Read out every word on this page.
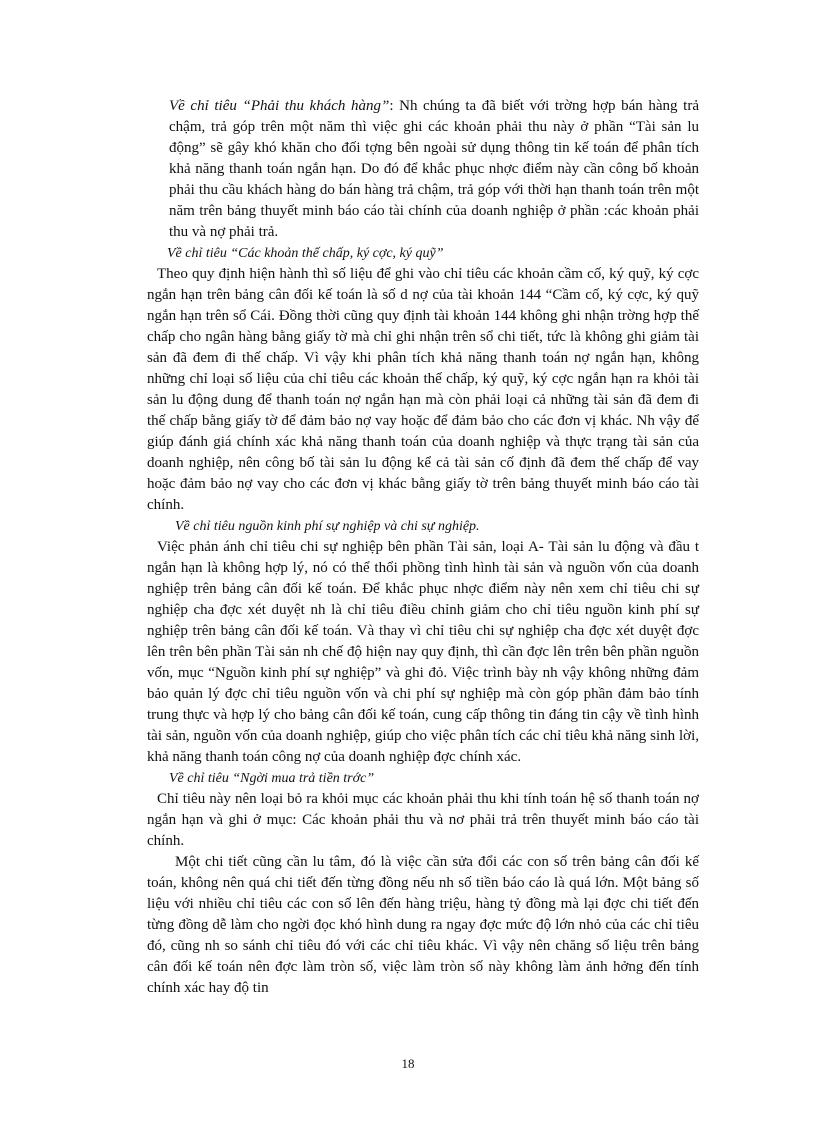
Về chỉ tiêu “Phải thu khách hàng”: Nh chúng ta đã biết với trờng hợp bán hàng trả chậm, trả góp trên một năm thì việc ghi các khoản phải thu này ở phần “Tài sản lu động” sẽ gây khó khăn cho đối tợng bên ngoài sử dụng thông tin kế toán để phân tích khả năng thanh toán ngắn hạn. Do đó để khắc phục nhợc điểm này cần công bố khoản phải thu cầu khách hàng do bán hàng trả chậm, trả góp với thời hạn thanh toán trên một năm trên bảng thuyết minh báo cáo tài chính của doanh nghiệp ở phần :các khoản phải thu và nợ phải trả.

Về chỉ tiêu “Các khoản thế chấp, ký cợc, ký quỹ”

Theo quy định hiện hành thì số liệu để ghi vào chỉ tiêu các khoản cầm cố, ký quỹ, ký cợc ngắn hạn trên bảng cân đối kế toán là số d nợ của tài khoản 144 “Cầm cố, ký cợc, ký quỹ ngắn hạn trên sổ Cái. Đồng thời cũng quy định tài khoản 144 không ghi nhận trờng hợp thế chấp cho ngân hàng bằng giấy tờ mà chỉ ghi nhận trên sổ chi tiết, tức là không ghi giảm tài sản đã đem đi thế chấp. Vì vậy khi phân tích khả năng thanh toán nợ ngắn hạn, không những chỉ loại số liệu của chỉ tiêu các khoản thế chấp, ký quỹ, ký cợc ngắn hạn ra khỏi tài sản lu động dung để thanh toán nợ ngắn hạn mà còn phải loại cả những tài sản đã đem đi thế chấp bằng giấy tờ để đảm bảo nợ vay hoặc để đảm bảo cho các đơn vị khác. Nh vậy để giúp đánh giá chính xác khả năng thanh toán của doanh nghiệp và thực trạng tài sản của doanh nghiệp, nên công bố tài sản lu động kể cả tài sản cố định đã đem thế chấp để vay hoặc đảm bảo nợ vay cho các đơn vị khác bằng giấy tờ trên bảng thuyết minh báo cáo tài chính.

Về chỉ tiêu nguồn kinh phí sự nghiệp và chi sự nghiệp.

Việc phản ánh chỉ tiêu chi sự nghiệp bên phần Tài sản, loại A- Tài sản lu động và đầu t ngắn hạn là không hợp lý, nó có thể thổi phồng tình hình tài sản và nguồn vốn của doanh nghiệp trên bảng cân đối kế toán. Để khắc phục nhợc điểm này nên xem chỉ tiêu chi sự nghiệp cha đợc xét duyệt nh là chỉ tiêu điều chỉnh giảm cho chỉ tiêu nguồn kinh phí sự nghiệp trên bảng cân đối kế toán. Và thay vì chỉ tiêu chi sự nghiệp cha đợc xét duyệt đợc lên trên bên phần Tài sản nh chế độ hiện nay quy định, thì cần đợc lên trên bên phần nguồn vốn, mục “Nguồn kinh phí sự nghiệp” và ghi đỏ. Việc trình bày nh vậy không những đảm bảo quản lý đợc chỉ tiêu nguồn vốn và chi phí sự nghiệp mà còn góp phần đảm bảo tính trung thực và hợp lý cho bảng cân đối kế toán, cung cấp thông tin đáng tin cậy về tình hình tài sản, nguồn vốn của doanh nghiệp, giúp cho việc phân tích các chỉ tiêu khả năng sinh lời, khả năng thanh toán công nợ của doanh nghiệp đợc chính xác.

Về chỉ tiêu “Ngời mua trả tiền trớc”

Chỉ tiêu này nên loại bỏ ra khỏi mục các khoản phải thu khi tính toán hệ số thanh toán nợ ngắn hạn và ghi ở mục: Các khoản phải thu và nơ phải trả trên thuyết minh báo cáo tài chính.

Một chi tiết cũng cần lu tâm, đó là việc cần sửa đổi các con số trên bảng cân đối kế toán, không nên quá chi tiết đến từng đồng nếu nh số tiền báo cáo là quá lớn. Một bảng số liệu với nhiều chỉ tiêu các con số lên đến hàng triệu, hàng tỷ đồng mà lại đợc chi tiết đến từng đồng dễ làm cho ngời đọc khó hình dung ra ngay đợc mức độ lớn nhỏ của các chỉ tiêu đó, cũng nh so sánh chỉ tiêu đó với các chỉ tiêu khác. Vì vậy nên chăng số liệu trên bảng cân đối kế toán nên đợc làm tròn số, việc làm tròn số này không làm ảnh hởng đến tính chính xác hay độ tin

18
